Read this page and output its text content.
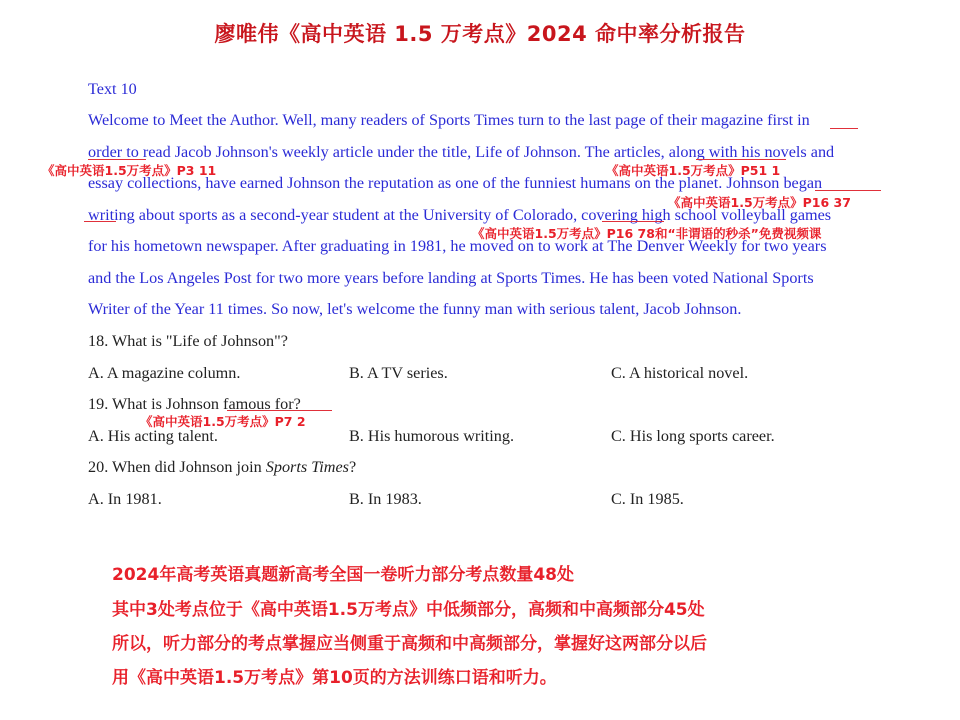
廖唯伟《高中英语 1.5 万考点》2024 命中率分析报告
Text 10
Welcome to Meet the Author. Well, many readers of Sports Times turn to the last page of their magazine first in
order to read Jacob Johnson's weekly article under the title, Life of Johnson. The articles, along with his novels and
essay collections, have earned Johnson the reputation as one of the funniest humans on the planet. Johnson began
writing about sports as a second-year student at the University of Colorado, covering high school volleyball games
for his hometown newspaper. After graduating in 1981, he moved on to work at The Denver Weekly for two years
and the Los Angeles Post for two more years before landing at Sports Times. He has been voted National Sports
Writer of the Year 11 times. So now, let's welcome the funny man with serious talent, Jacob Johnson.
《高中英语1.5万考点》P3 11	《高中英语1.5万考点》P51 1
《高中英语1.5万考点》P16 37
《高中英语1.5万考点》P16 78和“非谓语的秒杀”免费视频课
《高中英语1.5万考点》P7 2
18. What is "Life of Johnson"?
A. A magazine column.	B. A TV series.	C. A historical novel.
19. What is Johnson famous for?
A. His acting talent.	B. His humorous writing.	C. His long sports career.
20. When did Johnson join Sports Times?
A. In 1981.	B. In 1983.	C. In 1985.
2024年高考英语真题新高考全国一卷听力部分考点数量48处
其中3处考点位于《高中英语1.5万考点》中低频部分，高频和中高频部分45处
所以，听力部分的考点掌握应当侧重于高频和中高频部分，掌握好这两部分以后
用《高中英语1.5万考点》第10页的方法训练口语和听力。
